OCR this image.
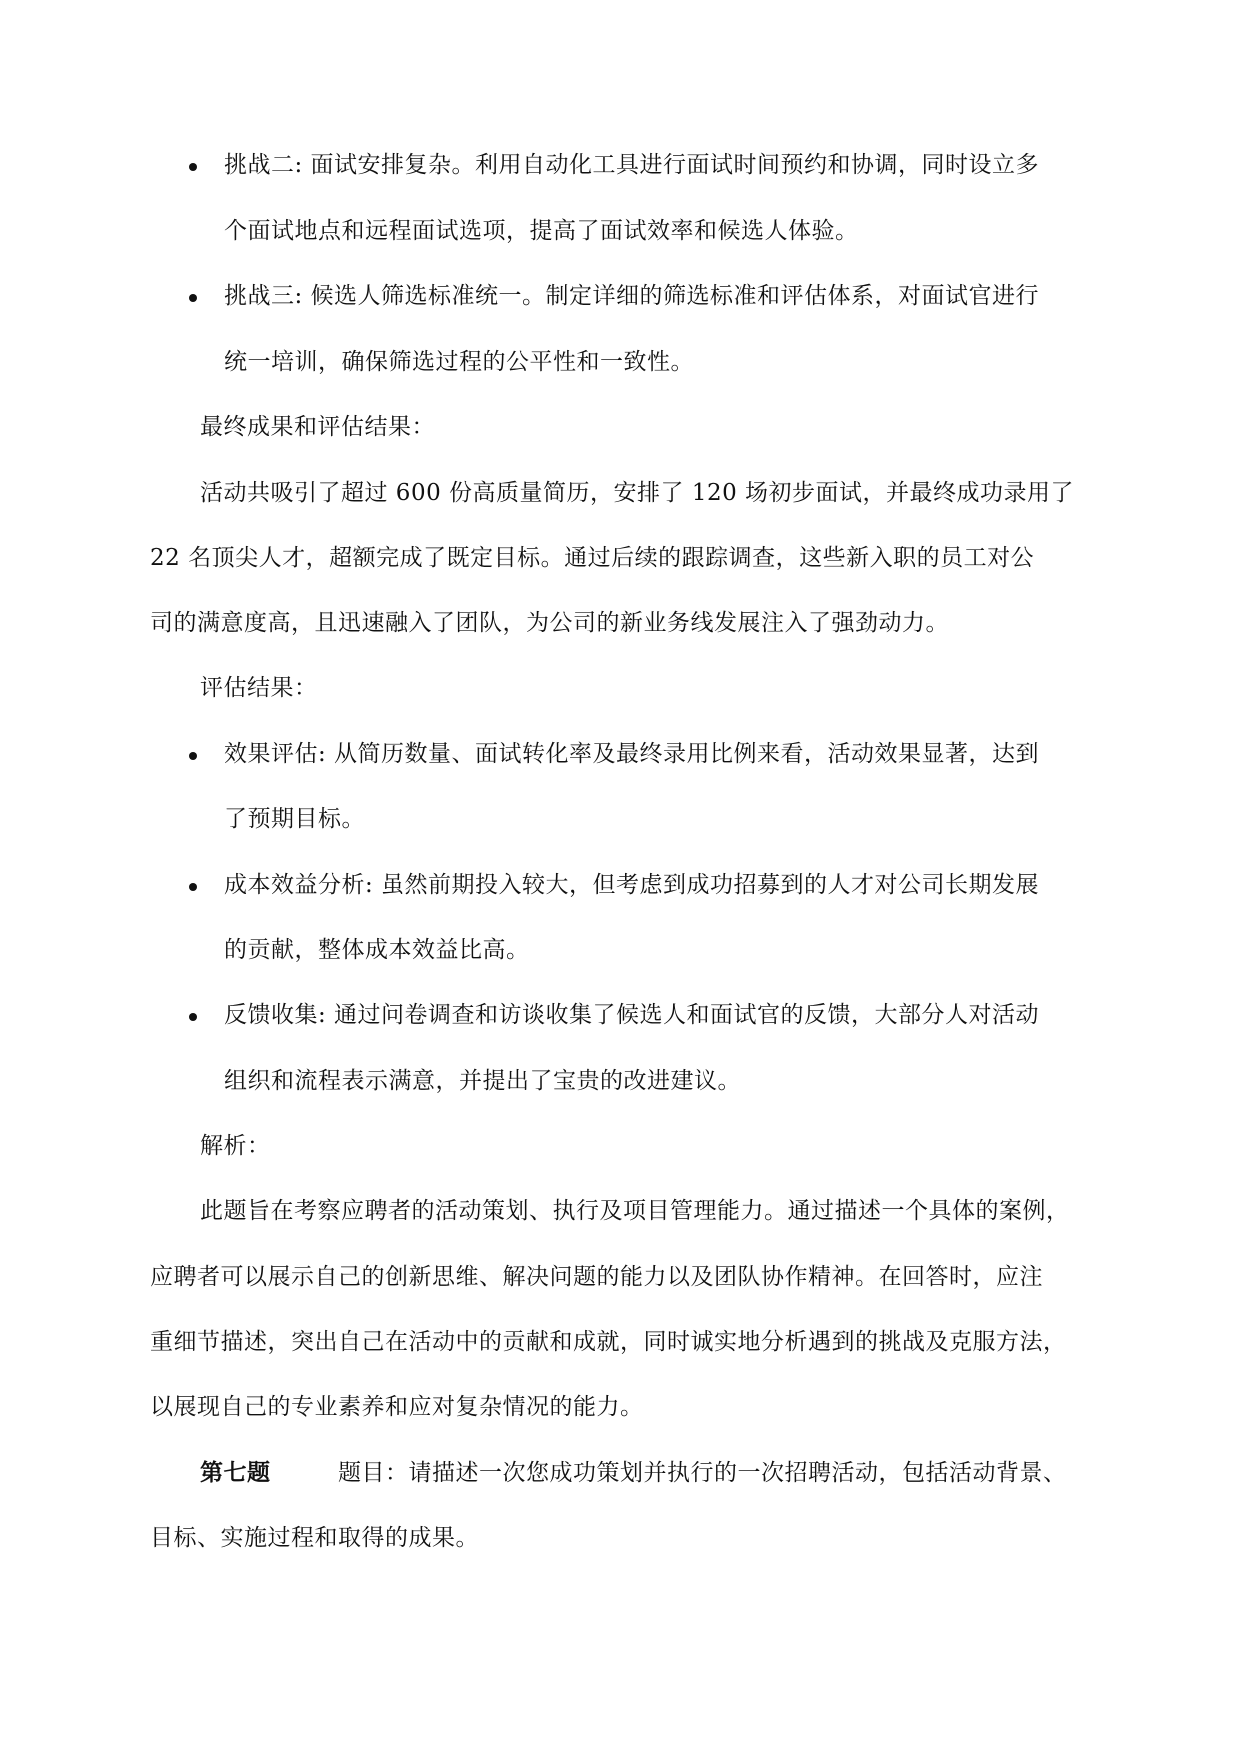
挑战二: 面试安排复杂。利用自动化工具进行面试时间预约和协调，同时设立多
个面试地点和远程面试选项，提高了面试效率和候选人体验。
挑战三: 候选人筛选标准统一。制定详细的筛选标准和评估体系，对面试官进行
统一培训，确保筛选过程的公平性和一致性。
最终成果和评估结果：
活动共吸引了超过 600 份高质量简历，安排了 120 场初步面试，并最终成功录用了
22 名顶尖人才，超额完成了既定目标。通过后续的跟踪调查，这些新入职的员工对公
司的满意度高，且迅速融入了团队，为公司的新业务线发展注入了强劲动力。
评估结果：
效果评估: 从简历数量、面试转化率及最终录用比例来看，活动效果显著，达到
了预期目标。
成本效益分析: 虽然前期投入较大，但考虑到成功招募到的人才对公司长期发展
的贡献，整体成本效益比高。
反馈收集: 通过问卷调查和访谈收集了候选人和面试官的反馈，大部分人对活动
组织和流程表示满意，并提出了宝贵的改进建议。
解析：
此题旨在考察应聘者的活动策划、执行及项目管理能力。通过描述一个具体的案例，
应聘者可以展示自己的创新思维、解决问题的能力以及团队协作精神。在回答时，应注
重细节描述，突出自己在活动中的贡献和成就，同时诚实地分析遇到的挑战及克服方法，
以展现自己的专业素养和应对复杂情况的能力。
第七题	题目：请描述一次您成功策划并执行的一次招聘活动，包括活动背景、
目标、实施过程和取得的成果。
